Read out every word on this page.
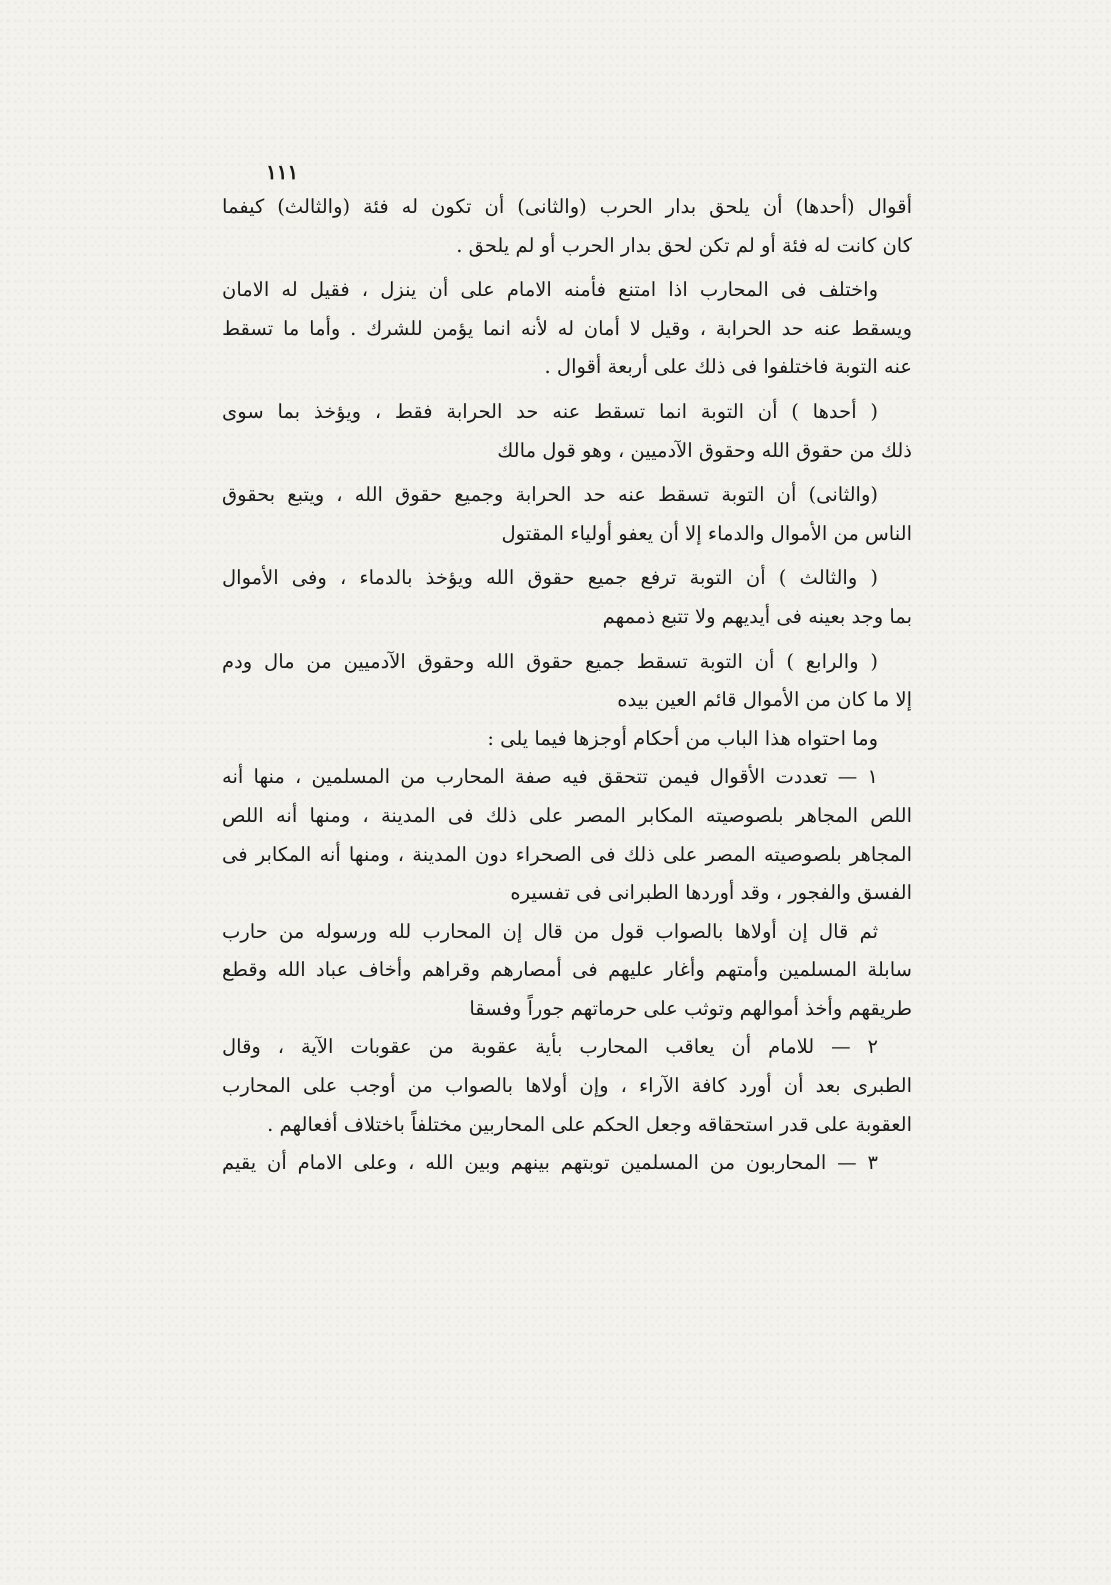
١١١
أقوال (أحدها) أن يلحق بدار الحرب (والثانى) أن تكون له فئة (والثالث) كيفما
كان كانت له فئة أو لم تكن لحق بدار الحرب أو لم يلحق .
واختلف فى المحارب اذا امتنع فأمنه الامام على أن ينزل ، فقيل له الامان
ويسقط عنه حد الحرابة ، وقيل لا أمان له لأنه انما يؤمن للشرك . وأما ما تسقط
عنه التوبة فاختلفوا فى ذلك على أربعة أقوال .
( أحدها ) أن التوبة انما تسقط عنه حد الحرابة فقط ، ويؤخذ بما سوى
ذلك من حقوق الله وحقوق الآدميين ، وهو قول مالك
(والثانى) أن التوبة تسقط عنه حد الحرابة وجميع حقوق الله ، ويتبع بحقوق
الناس من الأموال والدماء إلا أن يعفو أولياء المقتول
( والثالث ) أن التوبة ترفع جميع حقوق الله ويؤخذ بالدماء ، وفى الأموال
بما وجد بعينه فى أيديهم ولا تتبع ذممهم
( والرابع ) أن التوبة تسقط جميع حقوق الله وحقوق الآدميين من مال ودم
إلا ما كان من الأموال قائم العين بيده
وما احتواه هذا الباب من أحكام أوجزها فيما يلى :
١ — تعددت الأقوال فيمن تتحقق فيه صفة المحارب من المسلمين ، منها أنه
اللص المجاهر بلصوصيته المكابر المصر على ذلك فى المدينة ، ومنها أنه اللص
المجاهر بلصوصيته المصر على ذلك فى الصحراء دون المدينة ، ومنها أنه المكابر فى
الفسق والفجور ، وقد أوردها الطبرانى فى تفسيره
ثم قال إن أولاها بالصواب قول من قال إن المحارب لله ورسوله من حارب
سابلة المسلمين وأمتهم وأغار عليهم فى أمصارهم وقراهم وأخاف عباد الله وقطع
طريقهم وأخذ أموالهم وتوثب على حرماتهم جوراً وفسقا
٢ — للامام أن يعاقب المحارب بأية عقوبة من عقوبات الآية ، وقال
الطبرى بعد أن أورد كافة الآراء ، وإن أولاها بالصواب من أوجب على المحارب
العقوبة على قدر استحقاقه وجعل الحكم على المحاربين مختلفاً باختلاف أفعالهم .
٣ — المحاربون من المسلمين توبتهم بينهم وبين الله ، وعلى الامام أن يقيم
